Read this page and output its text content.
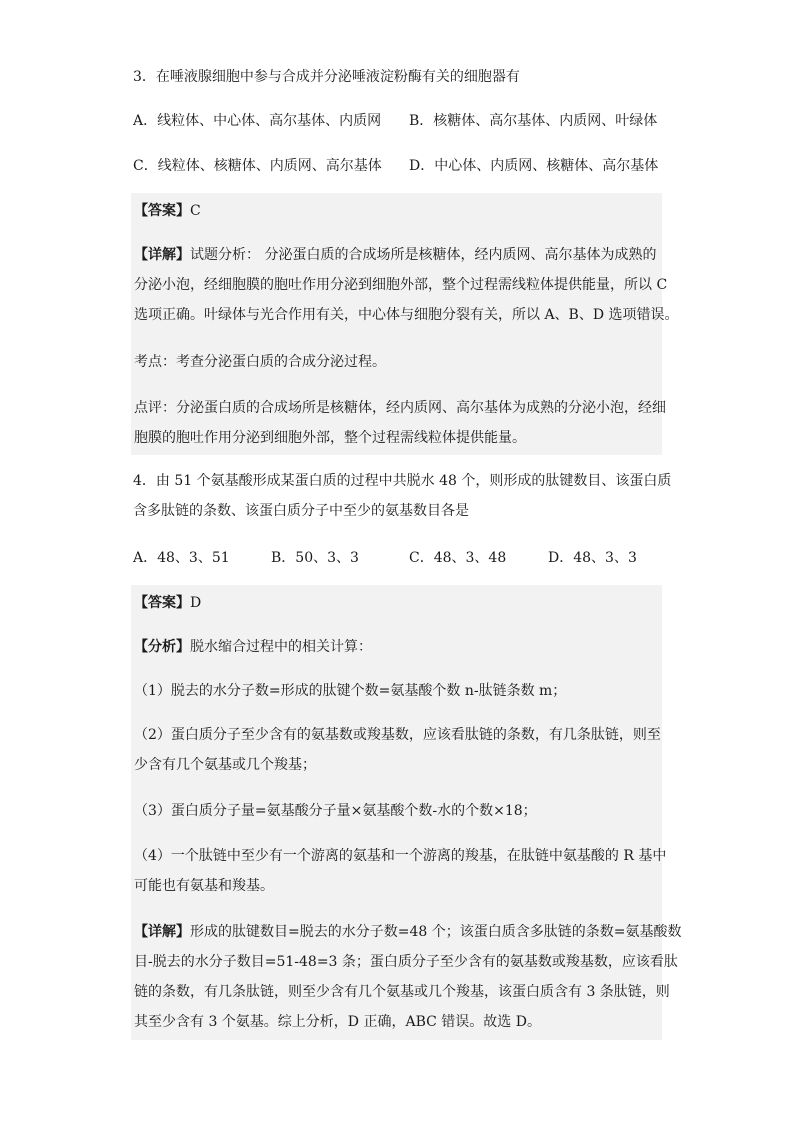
3．在唾液腺细胞中参与合成并分泌唾液淀粉酶有关的细胞器有
A．线粒体、中心体、高尔基体、内质网 B．核糖体、高尔基体、内质网、叶绿体
C．线粒体、核糖体、内质网、高尔基体 D．中心体、内质网、核糖体、高尔基体
【答案】C
【详解】试题分析： 分泌蛋白质的合成场所是核糖体，经内质网、高尔基体为成熟的
分泌小泡，经细胞膜的胞吐作用分泌到细胞外部，整个过程需线粒体提供能量，所以 C
选项正确。叶绿体与光合作用有关，中心体与细胞分裂有关，所以 A、B、D 选项错误。
考点：考查分泌蛋白质的合成分泌过程。
点评：分泌蛋白质的合成场所是核糖体，经内质网、高尔基体为成熟的分泌小泡，经细
胞膜的胞吐作用分泌到细胞外部，整个过程需线粒体提供能量。
4．由 51 个氨基酸形成某蛋白质的过程中共脱水 48 个，则形成的肽键数目、该蛋白质
含多肽链的条数、该蛋白质分子中至少的氨基数目各是
A．48、3、51	B．50、3、3	C．48、3、48	D．48、3、3
【答案】D
【分析】脱水缩合过程中的相关计算：
（1）脱去的水分子数=形成的肽键个数=氨基酸个数 n-肽链条数 m；
（2）蛋白质分子至少含有的氨基数或羧基数，应该看肽链的条数，有几条肽链，则至
少含有几个氨基或几个羧基；
（3）蛋白质分子量=氨基酸分子量×氨基酸个数-水的个数×18；
（4）一个肽链中至少有一个游离的氨基和一个游离的羧基，在肽链中氨基酸的 R 基中
可能也有氨基和羧基。
【详解】形成的肽键数目=脱去的水分子数=48 个；该蛋白质含多肽链的条数=氨基酸数
目-脱去的水分子数目=51-48=3 条；蛋白质分子至少含有的氨基数或羧基数，应该看肽
链的条数，有几条肽链，则至少含有几个氨基或几个羧基，该蛋白质含有 3 条肽链，则
其至少含有 3 个氨基。综上分析，D 正确，ABC 错误。故选 D。
